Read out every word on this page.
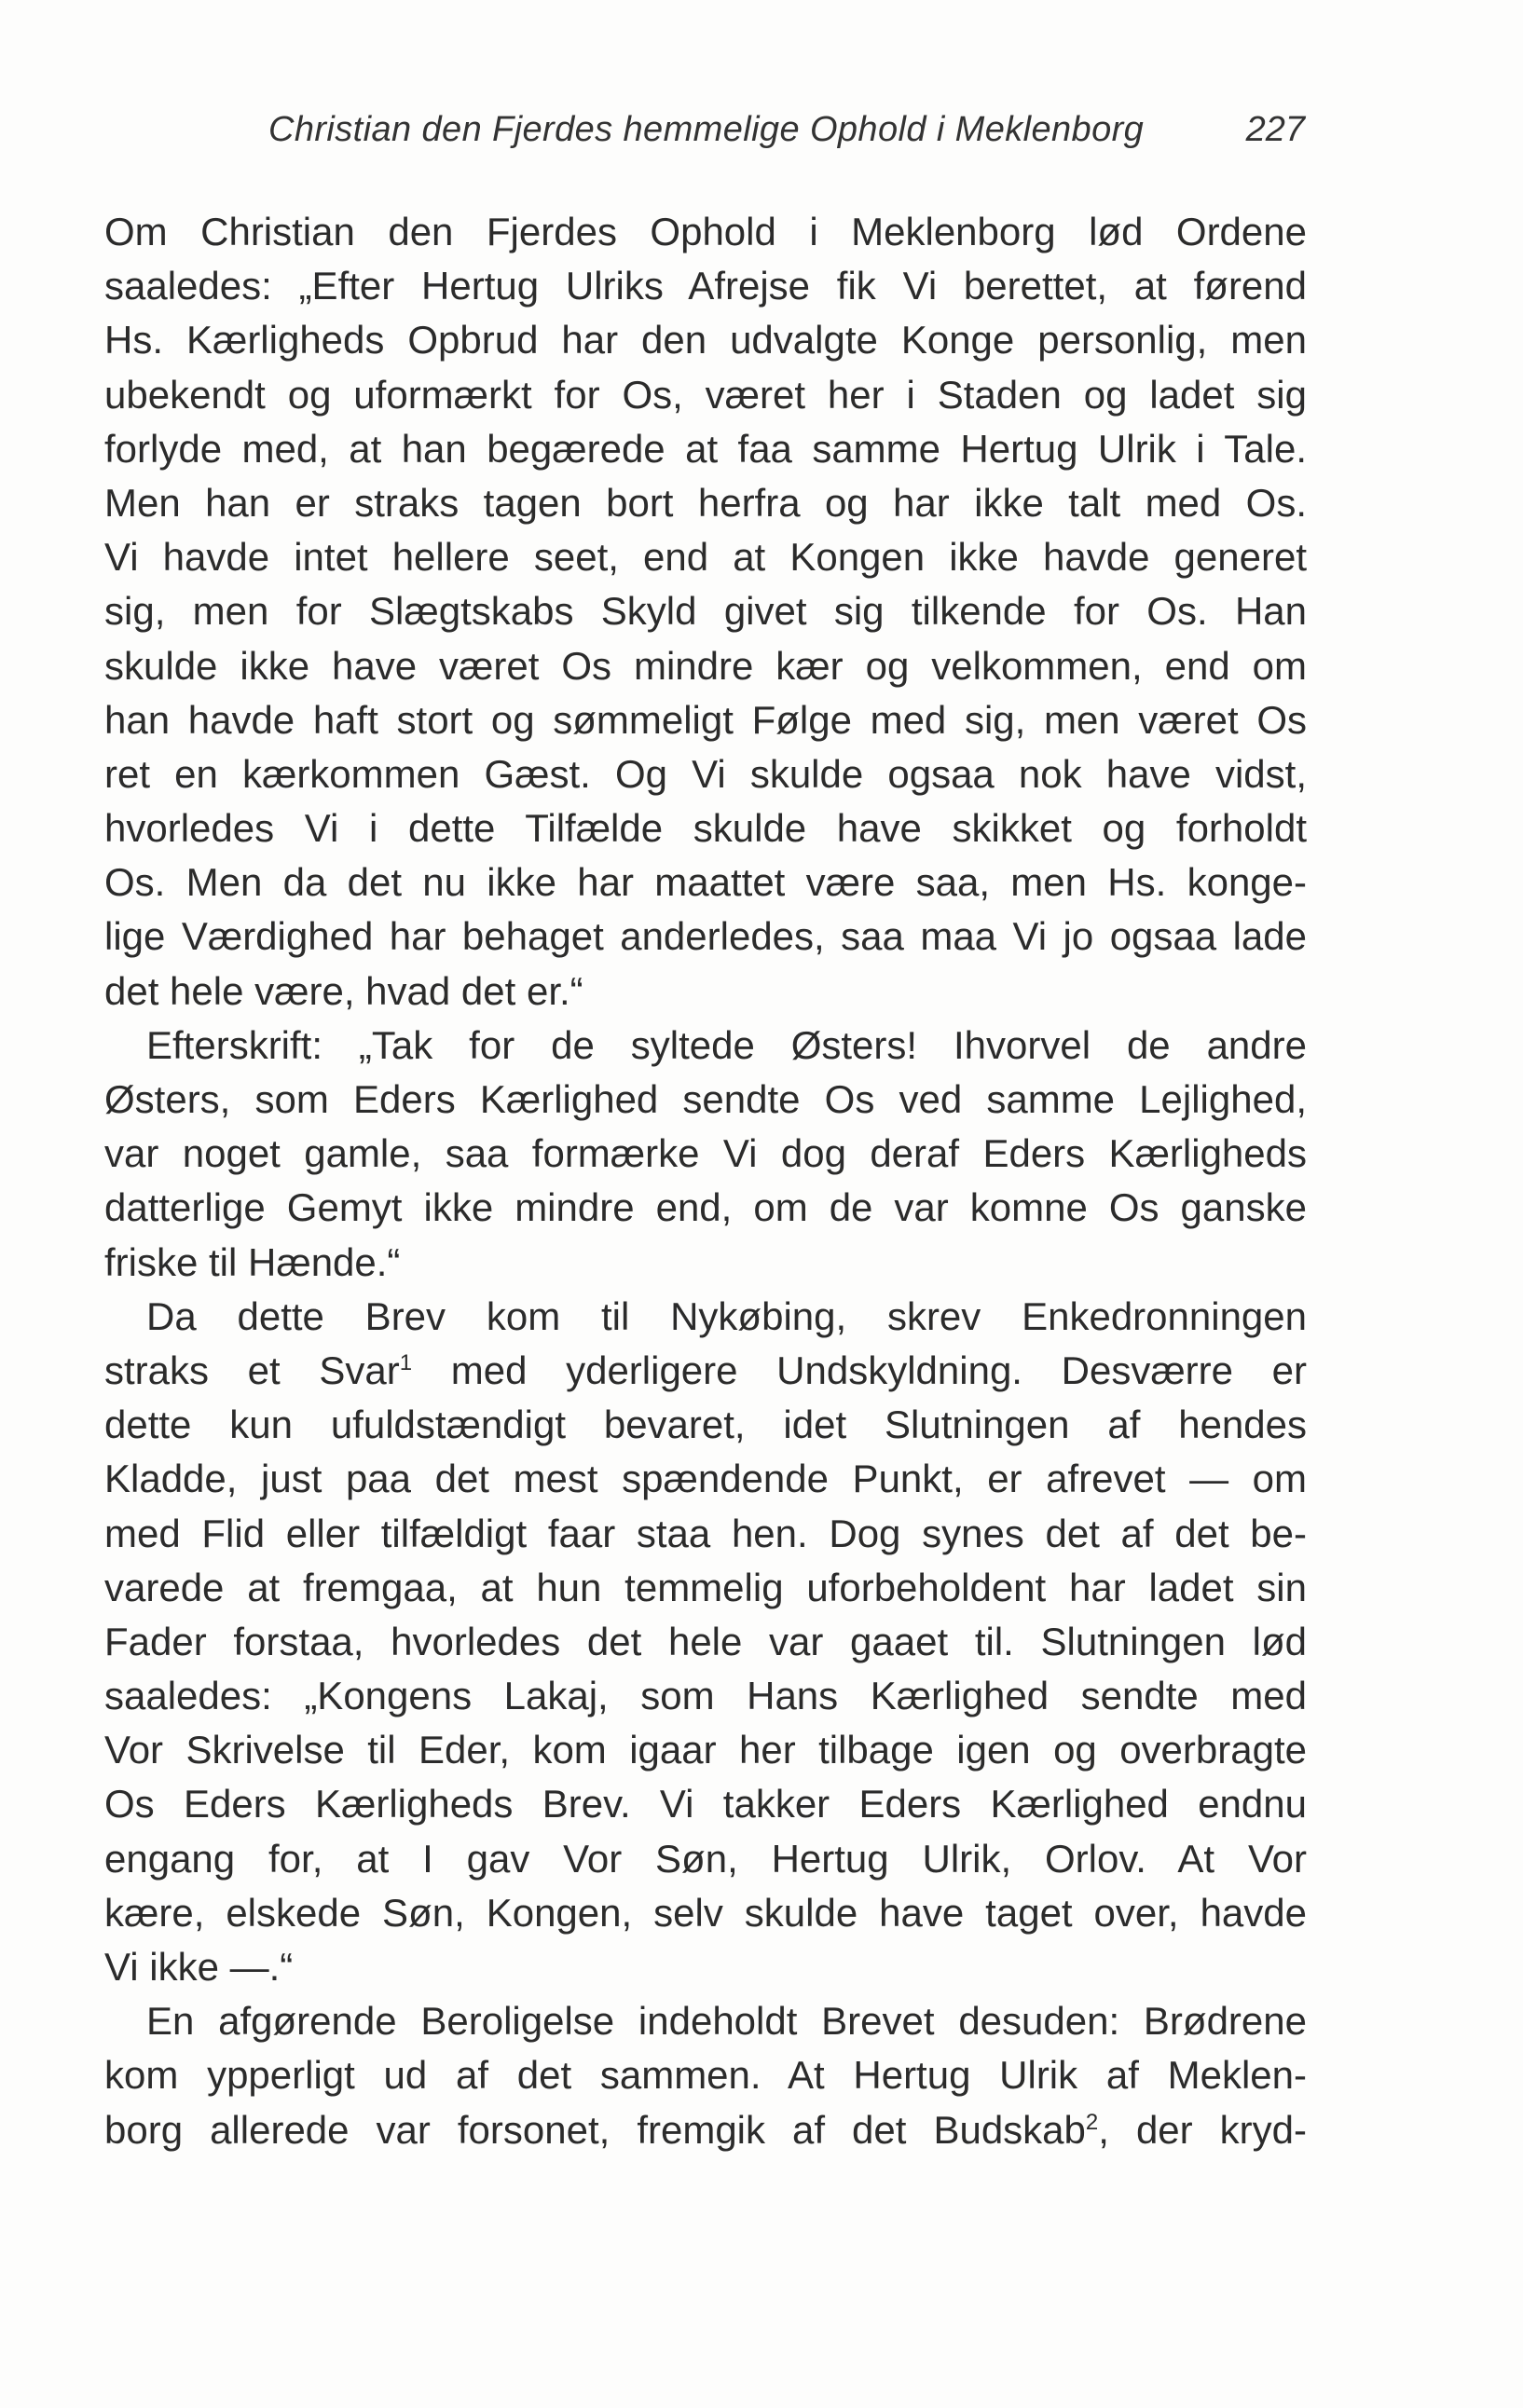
Christian den Fjerdes hemmelige Ophold i Meklenborg	227
Om Christian den Fjerdes Ophold i Meklenborg lød Ordene
saaledes: „Efter Hertug Ulriks Afrejse fik Vi berettet, at førend
Hs. Kærligheds Opbrud har den udvalgte Konge personlig, men
ubekendt og uformærkt for Os, været her i Staden og ladet sig
forlyde med, at han begærede at faa samme Hertug Ulrik i Tale.
Men han er straks tagen bort herfra og har ikke talt med Os.
Vi havde intet hellere seet, end at Kongen ikke havde generet
sig, men for Slægtskabs Skyld givet sig tilkende for Os. Han
skulde ikke have været Os mindre kær og velkommen, end om
han havde haft stort og sømmeligt Følge med sig, men været Os
ret en kærkommen Gæst. Og Vi skulde ogsaa nok have vidst,
hvorledes Vi i dette Tilfælde skulde have skikket og forholdt
Os. Men da det nu ikke har maattet være saa, men Hs. konge-
lige Værdighed har behaget anderledes, saa maa Vi jo ogsaa lade
det hele være, hvad det er.“
Efterskrift: „Tak for de syltede Østers! Ihvorvel de andre
Østers, som Eders Kærlighed sendte Os ved samme Lejlighed,
var noget gamle, saa formærke Vi dog deraf Eders Kærligheds
datterlige Gemyt ikke mindre end, om de var komne Os ganske
friske til Hænde.“
Da dette Brev kom til Nykøbing, skrev Enkedronningen
straks et Svar$^1$ med yderligere Undskyldning. Desværre er
dette kun ufuldstændigt bevaret, idet Slutningen af hendes
Kladde, just paa det mest spændende Punkt, er afrevet — om
med Flid eller tilfældigt faar staa hen. Dog synes det af det be-
varede at fremgaa, at hun temmelig uforbeholdent har ladet sin
Fader forstaa, hvorledes det hele var gaaet til. Slutningen lød
saaledes: „Kongens Lakaj, som Hans Kærlighed sendte med
Vor Skrivelse til Eder, kom igaar her tilbage igen og overbragte
Os Eders Kærligheds Brev. Vi takker Eders Kærlighed endnu
engang for, at I gav Vor Søn, Hertug Ulrik, Orlov. At Vor
kære, elskede Søn, Kongen, selv skulde have taget over, havde
Vi ikke —.“
En afgørende Beroligelse indeholdt Brevet desuden: Brødrene
kom ypperligt ud af det sammen. At Hertug Ulrik af Meklen-
borg allerede var forsonet, fremgik af det Budskab$^2$, der kryd-
